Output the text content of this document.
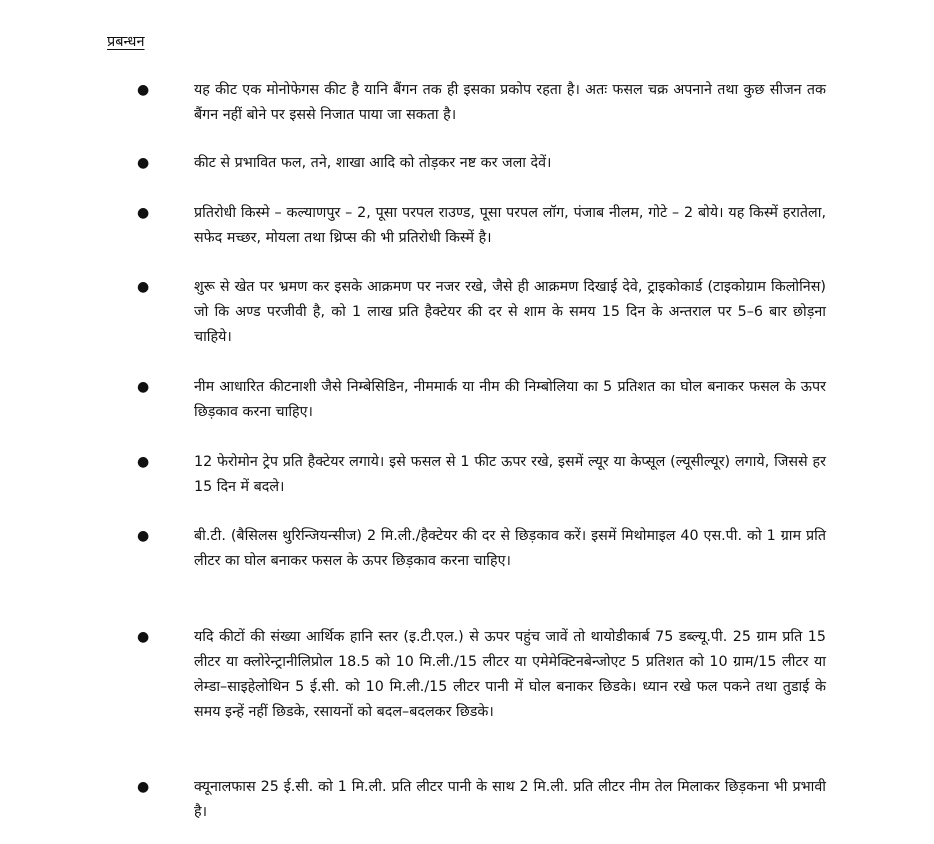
प्रबन्धन
●	यह कीट एक मोनोफेगस कीट है यानि बैंगन तक ही इसका प्रकोप रहता है। अतः फसल चक्र अपनाने तथा कुछ सीजन तक बैंगन नहीं बोने पर इससे निजात पाया जा सकता है।
●	कीट से प्रभावित फल, तने, शाखा आदि को तोड़कर नष्ट कर जला देवें।
●	प्रतिरोधी किस्मे – कल्याणपुर – 2, पूसा परपल राउण्ड, पूसा परपल लॉग, पंजाब नीलम, गोटे – 2 बोये। यह किस्में हरातेला, सफेद मच्छर, मोयला तथा थ्रिप्स की भी प्रतिरोधी किस्में है।
●	शुरू से खेत पर भ्रमण कर इसके आक्रमण पर नजर रखे, जैसे ही आक्रमण दिखाई देवे, ट्राइकोकार्ड (टाइकोग्राम किलोनिस) जो कि अण्ड परजीवी है, को 1 लाख प्रति हैक्टेयर की दर से शाम के समय 15 दिन के अन्तराल पर 5–6 बार छोड़ना चाहिये।
●	नीम आधारित कीटनाशी जैसे निम्बेसिडिन, नीममार्क या नीम की निम्बोलिया का 5 प्रतिशत का घोल बनाकर फसल के ऊपर छिड़काव करना चाहिए।
●	12 फेरोमोन ट्रेप प्रति हैक्टेयर लगाये। इसे फसल से 1 फीट ऊपर रखे, इसमें ल्यूर या केप्सूल (ल्यूसील्यूर) लगाये, जिससे हर 15 दिन में बदले।
●	बी.टी. (बैसिलस थुरिन्जियन्सीज) 2 मि.ली./हैक्टेयर की दर से छिड़काव करें। इसमें मिथोमाइल 40 एस.पी. को 1 ग्राम प्रति लीटर का घोल बनाकर फसल के ऊपर छिड़काव करना चाहिए।
●	यदि कीटों की संख्या आर्थिक हानि स्तर (इ.टी.एल.) से ऊपर पहुंच जावें तो थायोडीकार्ब 75 डब्ल्यू.पी. 25 ग्राम प्रति 15 लीटर या क्लोरेन्ट्रानीलिप्रोल 18.5 को 10 मि.ली./15 लीटर या एमेमेक्टिनबेन्जोएट 5 प्रतिशत को 10 ग्राम/15 लीटर या लेम्डा–साइहेलोथिन 5 ई.सी. को 10 मि.ली./15 लीटर पानी में घोल बनाकर छिडके। ध्यान रखे फल पकने तथा तुडाई के समय इन्हें नहीं छिडके, रसायनों को बदल–बदलकर छिडके।
●	क्यूनालफास 25 ई.सी. को 1 मि.ली. प्रति लीटर पानी के साथ 2 मि.ली. प्रति लीटर नीम तेल मिलाकर छिड़कना भी प्रभावी है।
